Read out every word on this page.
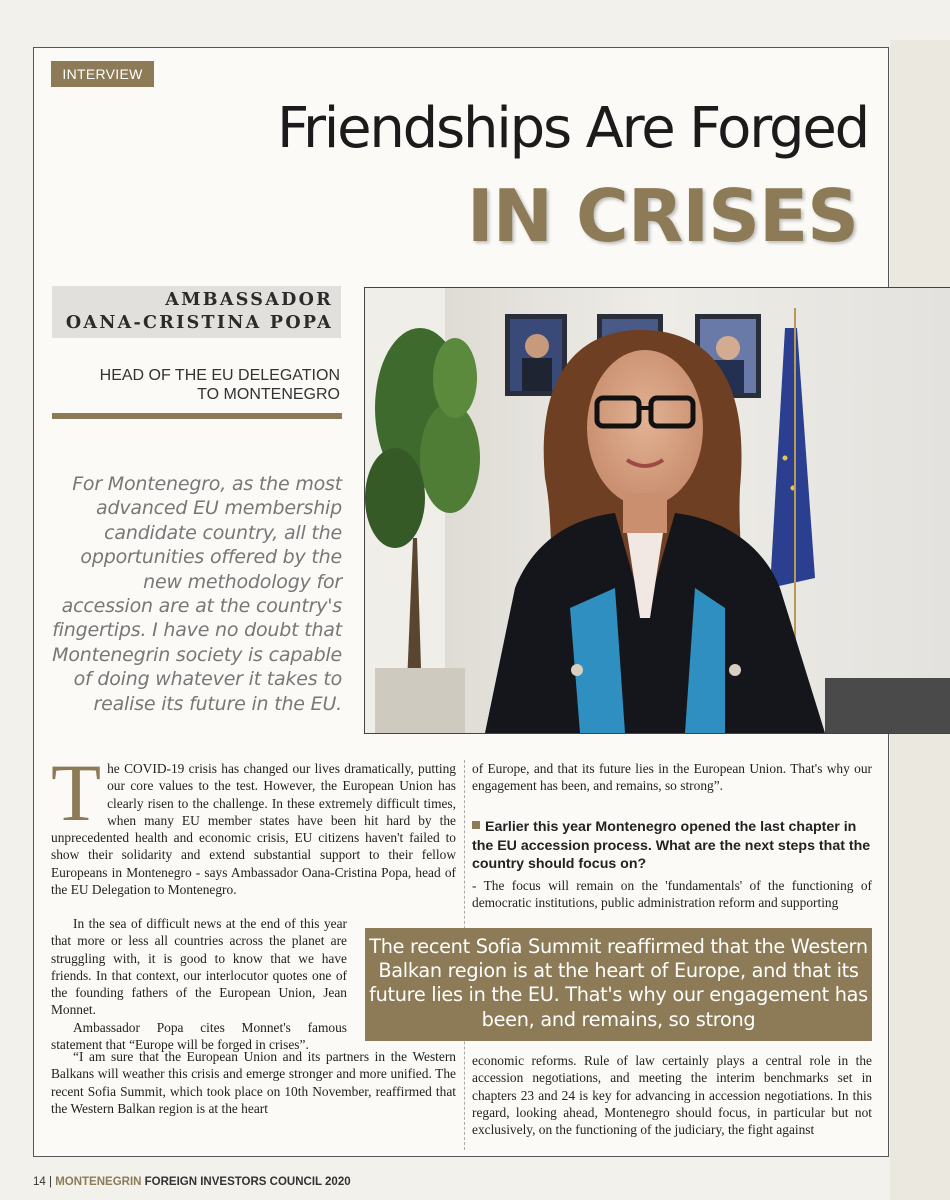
INTERVIEW
Friendships Are Forged
IN CRISES
AMBASSADOR
OANA-CRISTINA POPA
HEAD OF THE EU DELEGATION
TO MONTENEGRO
For Montenegro, as the most advanced EU membership candidate country, all the opportunities offered by the new methodology for accession are at the country's fingertips. I have no doubt that Montenegrin society is capable of doing whatever it takes to realise its future in the EU.
T he COVID-19 crisis has changed our lives dramatically, putting our core values to the test. However, the European Union has clearly risen to the challenge. In these extremely difficult times, when many EU member states have been hit hard by the unprecedented health and economic crisis, EU citizens haven't failed to show their solidarity and extend substantial support to their fellow Europeans in Montenegro - says Ambassador Oana-Cristina Popa, head of the EU Delegation to Montenegro.

In the sea of difficult news at the end of this year that more or less all countries across the planet are struggling with, it is good to know that we have friends. In that context, our interlocutor quotes one of the founding fathers of the European Union, Jean Monnet.

Ambassador Popa cites Monnet's famous statement that “Europe will be forged in crises”.

“I am sure that the European Union and its partners in the Western Balkans will weather this crisis and emerge stronger and more unified. The recent Sofia Summit, which took place on 10th November, reaffirmed that the Western Balkan region is at the heart

of Europe, and that its future lies in the European Union. That's why our engagement has been, and remains, so strong”.

Earlier this year Montenegro opened the last chapter in the EU accession process. What are the next steps that the country should focus on?

- The focus will remain on the 'fundamentals' of the functioning of democratic institutions, public administration reform and supporting

The recent Sofia Summit reaffirmed that the Western Balkan region is at the heart of Europe, and that its future lies in the EU. That's why our engagement has been, and remains, so strong

economic reforms. Rule of law certainly plays a central role in the accession negotiations, and meeting the interim benchmarks set in chapters 23 and 24 is key for advancing in accession negotiations. In this regard, looking ahead, Montenegro should focus, in particular but not exclusively, on the functioning of the judiciary, the fight against

14 | MONTENEGRIN FOREIGN INVESTORS COUNCIL 2020
